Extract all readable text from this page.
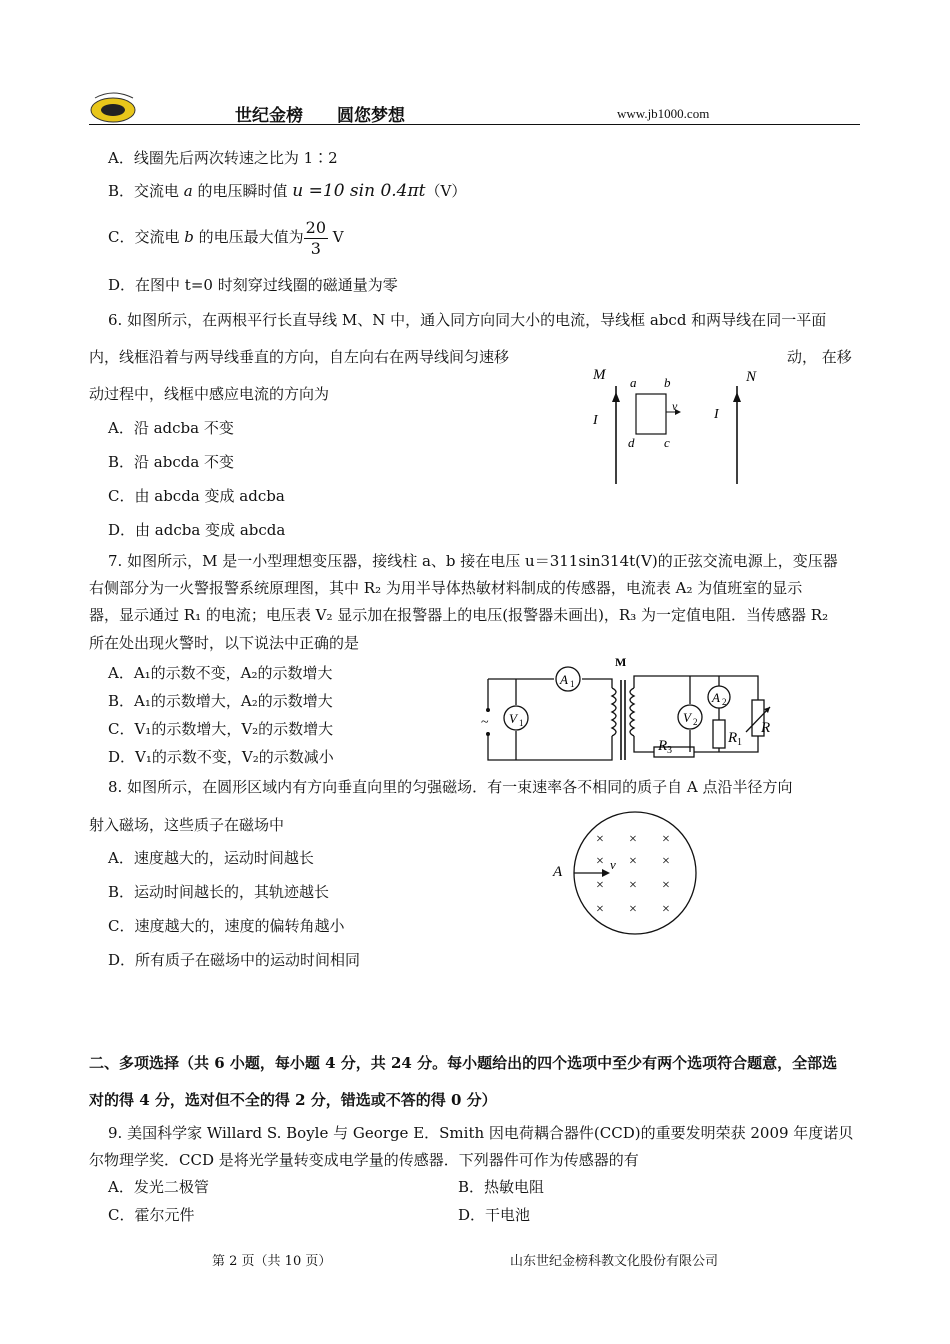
世纪金榜　　圆您梦想	www.jb1000.com
A．线圈先后两次转速之比为 1∶2
B．交流电 a 的电压瞬时值 u =10 sin 0.4πt（V）
C．交流电 b 的电压最大值为 $\frac{20}{3}$ V
D．在图中 t=0 时刻穿过线圈的磁通量为零
6. 如图所示，在两根平行长直导线 M、N 中，通入同方向同大小的电流，导线框 abcd 和两导线在同一平面
内，线框沿着与两导线垂直的方向，自左向右在两导线间匀速移	动， 在移
动过程中，线框中感应电流的方向为
A．沿 adcba 不变
B．沿 abcda 不变
C．由 abcda 变成 adcba
D．由 adcba 变成 abcda
M	N
I	I
a b
d c
v
7. 如图所示，M 是一小型理想变压器，接线柱 a、b 接在电压 u＝311sin314t(V)的正弦交流电源上，变压器
右侧部分为一火警报警系统原理图，其中 R₂ 为用半导体热敏材料制成的传感器，电流表 A₂ 为值班室的显示
器，显示通过 R₁ 的电流；电压表 V₂ 显示加在报警器上的电压(报警器未画出)，R₃ 为一定值电阻．当传感器 R₂
所在处出现火警时，以下说法中正确的是
A．A₁的示数不变，A₂的示数增大
B．A₁的示数增大，A₂的示数增大
C．V₁的示数增大，V₂的示数增大
D．V₁的示数不变，V₂的示数减小
~
M
A 1
V 1	V 2
A 2
R 1
R
R 3
8. 如图所示，在圆形区域内有方向垂直向里的匀强磁场．有一束速率各不相同的质子自 A 点沿半径方向
射入磁场，这些质子在磁场中
A．速度越大的，运动时间越长
B．运动时间越长的，其轨迹越长
C．速度越大的，速度的偏转角越小
D．所有质子在磁场中的运动时间相同
A	v
× × ×
× × ×
× × ×
× × ×
二、多项选择（共 6 小题，每小题 4 分，共 24 分。每小题给出的四个选项中至少有两个选项符合题意，全部选
对的得 4 分，选对但不全的得 2 分，错选或不答的得 0 分）
9. 美国科学家 Willard S. Boyle 与 George E．Smith 因电荷耦合器件(CCD)的重要发明荣获 2009 年度诺贝
尔物理学奖．CCD 是将光学量转变成电学量的传感器．下列器件可作为传感器的有
A．发光二极管	B．热敏电阻
C．霍尔元件	D．干电池
第 2 页（共 10 页）	山东世纪金榜科教文化股份有限公司
